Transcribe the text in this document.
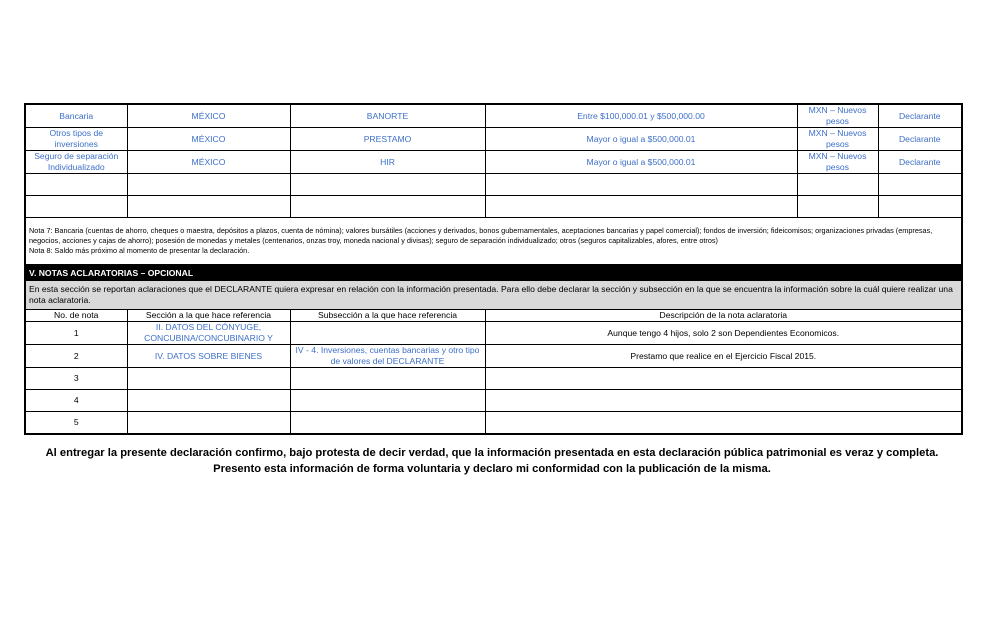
Bancaria	MÉXICO	BANORTE	Entre $100,000.01 y $500,000.00	MXN – Nuevos pesos	Declarante
Otros tipos de inversiones	MÉXICO	PRESTAMO	Mayor o igual a $500,000.01	MXN – Nuevos pesos	Declarante
Seguro de separación Individualizado	MÉXICO	HIR	Mayor o igual a $500,000.01	MXN – Nuevos pesos	Declarante

Nota 7: Bancaria (cuentas de ahorro, cheques o maestra, depósitos a plazos, cuenta de nómina); valores bursátiles (acciones y derivados, bonos gubernamentales, aceptaciones bancarias y papel comercial); fondos de inversión; fideicomisos; organizaciones privadas (empresas, negocios, acciones y cajas de ahorro); posesión de monedas y metales (centenarios, onzas troy, moneda nacional y divisas); seguro de separación individualizado; otros (seguros capitalizables, afores, entre otros)
Nota 8: Saldo más próximo al momento de presentar la declaración.					
V. NOTAS ACLARATORIAS – OPCIONAL			
En esta sección se reportan aclaraciones que el DECLARANTE quiera expresar en relación con la información presentada. Para ello debe declarar la sección y subsección en la que se encuentra la información sobre la cuál quiere realizar una nota aclaratoria.			
No. de nota	Sección a la que hace referencia	Subsección a la que hace referencia	Descripción de la nota aclaratoria
1	II. DATOS DEL CÓNYUGE, CONCUBINA/CONCUBINARIO Y		Aunque tengo 4 hijos, solo 2 son Dependientes Economicos.
2	IV. DATOS SOBRE BIENES	IV - 4. Inversiones, cuentas bancarias y otro tipo de valores del DECLARANTE	Prestamo que realice en el Ejercicio Fiscal 2015.
3			
4			
5			
Al entregar la presente declaración confirmo, bajo protesta de decir verdad, que la información presentada en esta declaración pública patrimonial es veraz y completa.
Presento esta información de forma voluntaria y declaro mi conformidad con la publicación de la misma.
